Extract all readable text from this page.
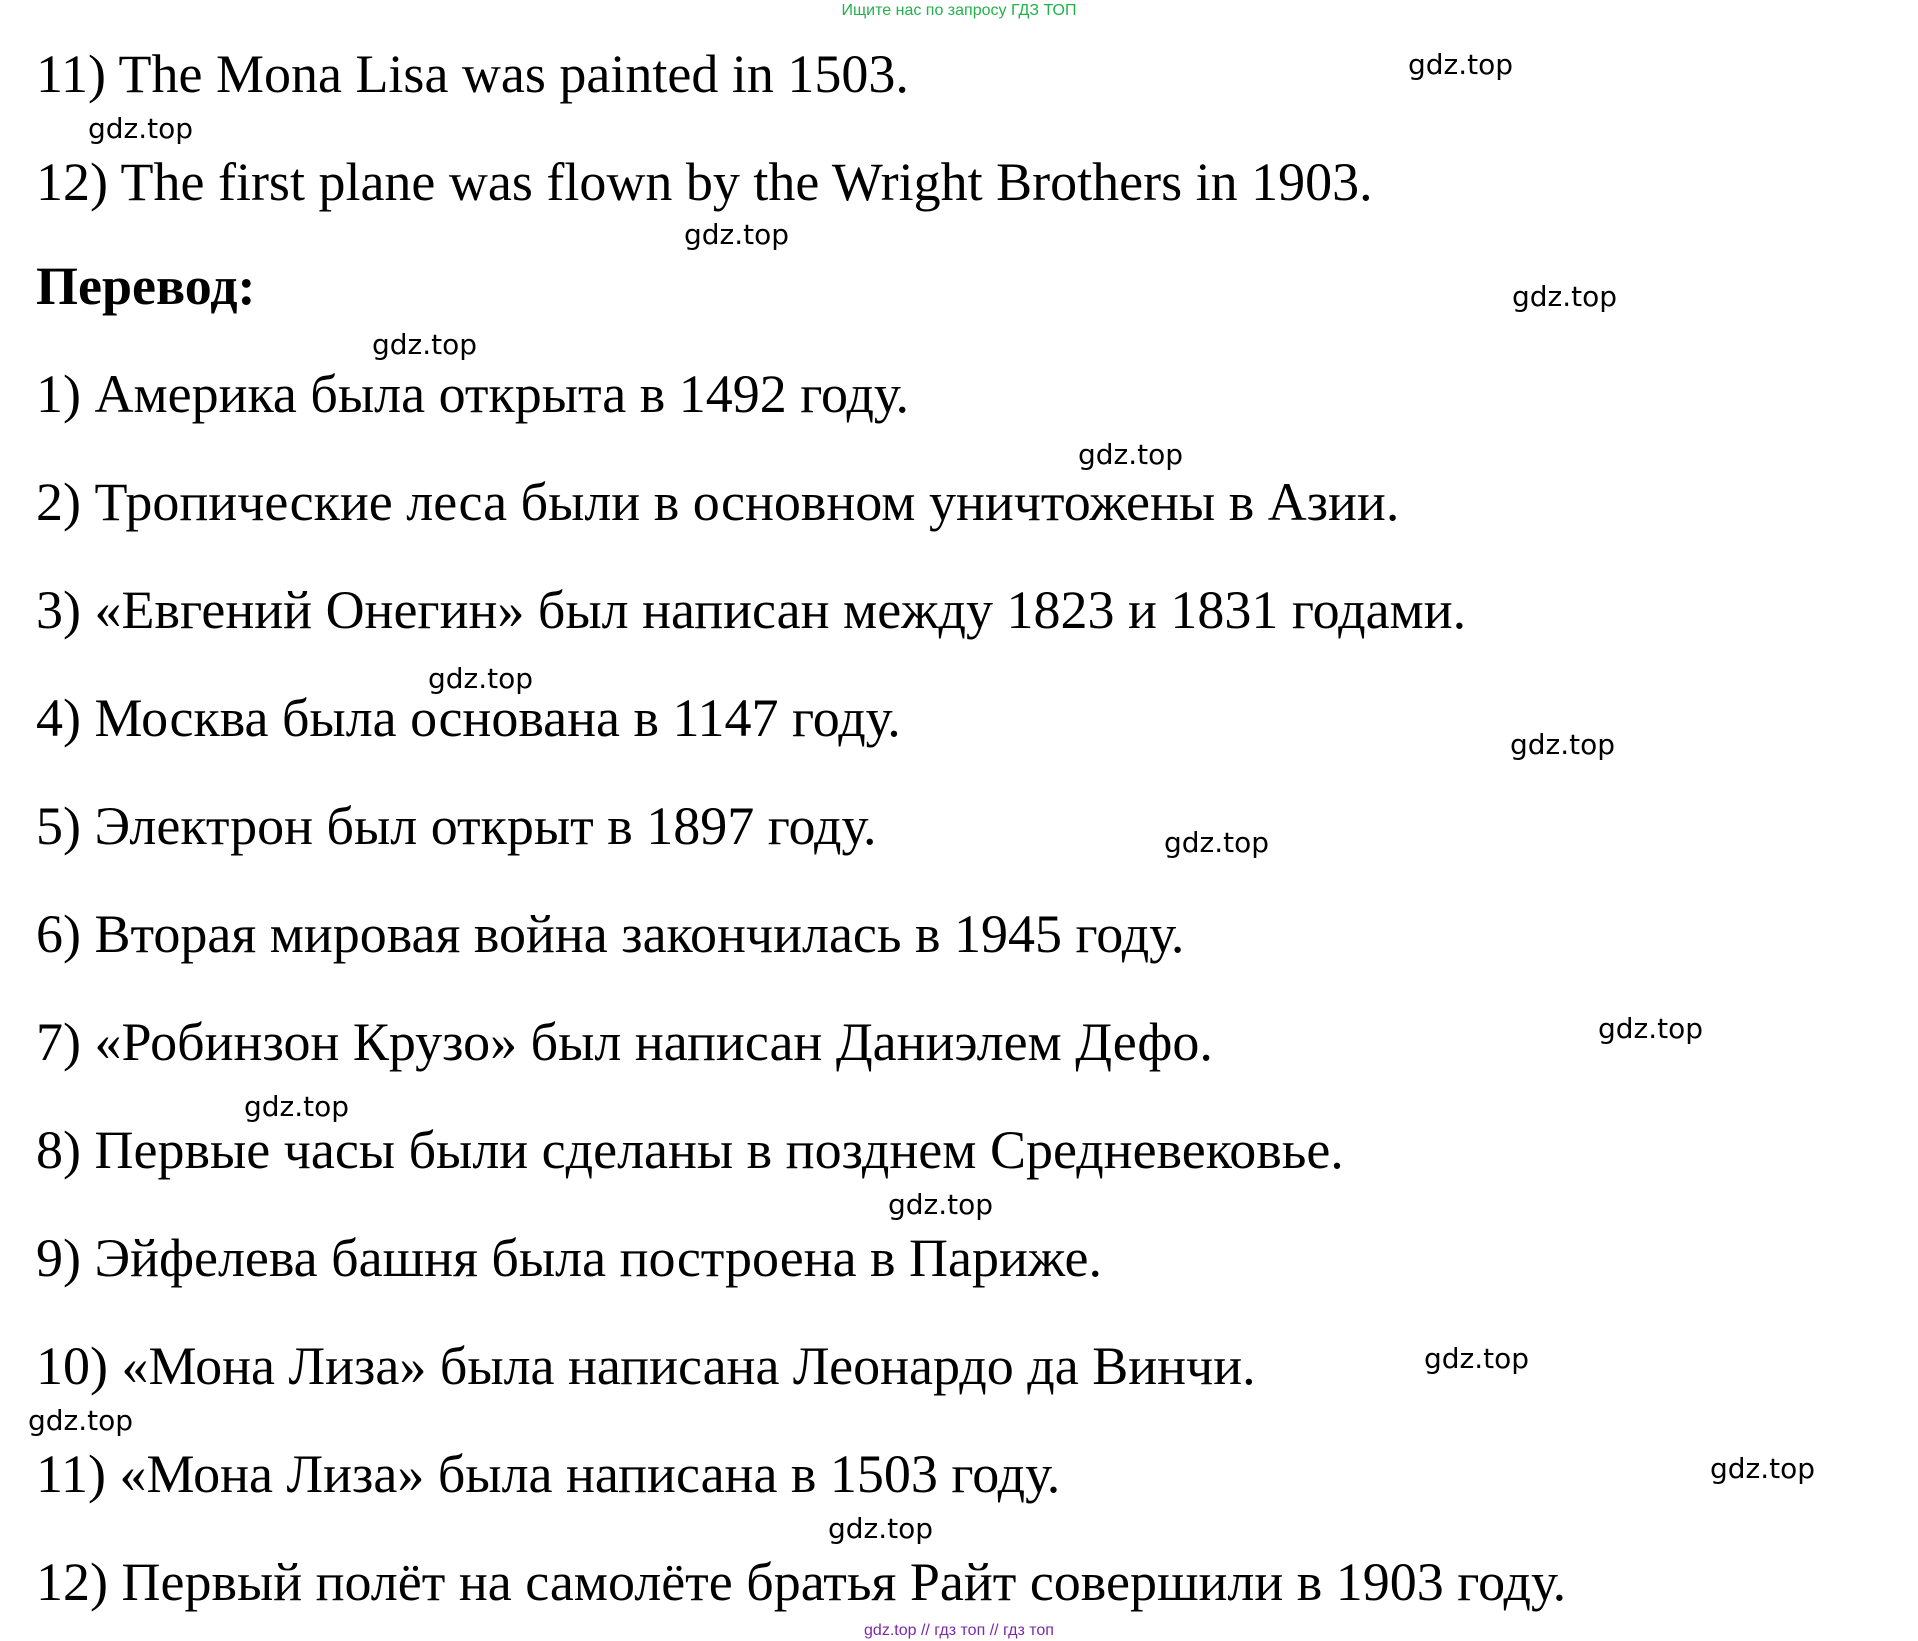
Ищите нас по запросу ГДЗ ТОП
11) The Mona Lisa was painted in 1503.
12) The first plane was flown by the Wright Brothers in 1903.
Перевод:
1) Америка была открыта в 1492 году.
2) Тропические леса были в основном уничтожены в Азии.
3) «Евгений Онегин» был написан между 1823 и 1831 годами.
4) Москва была основана в 1147 году.
5) Электрон был открыт в 1897 году.
6) Вторая мировая война закончилась в 1945 году.
7) «Робинзон Крузо» был написан Даниэлем Дефо.
8) Первые часы были сделаны в позднем Средневековье.
9) Эйфелева башня была построена в Париже.
10) «Мона Лиза» была написана Леонардо да Винчи.
11) «Мона Лиза» была написана в 1503 году.
12) Первый полёт на самолёте братья Райт совершили в 1903 году.
gdz.top
gdz.top
gdz.top
gdz.top
gdz.top
gdz.top
gdz.top
gdz.top
gdz.top
gdz.top
gdz.top
gdz.top
gdz.top
gdz.top
gdz.top
gdz.top
gdz.top // гдз топ // гдз топ
